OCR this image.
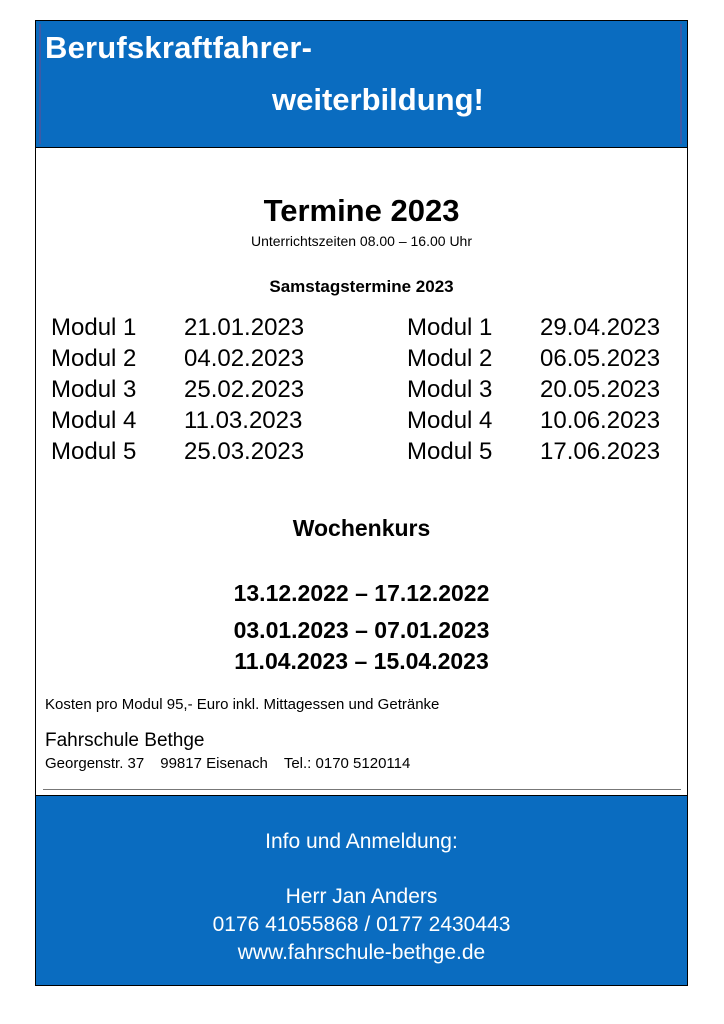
Berufskraftfahrer-
weiterbildung!
Termine 2023
Unterrichtszeiten 08.00 – 16.00 Uhr
Samstagstermine 2023
Modul 1 21.01.2023
Modul 2 04.02.2023
Modul 3 25.02.2023
Modul 4 11.03.2023
Modul 5 25.03.2023
Modul 1 29.04.2023
Modul 2 06.05.2023
Modul 3 20.05.2023
Modul 4 10.06.2023
Modul 5 17.06.2023
Wochenkurs
13.12.2022 – 17.12.2022
03.01.2023 – 07.01.2023
11.04.2023 – 15.04.2023
Kosten pro Modul 95,- Euro inkl. Mittagessen und Getränke
Fahrschule Bethge
Georgenstr. 37 99817 Eisenach Tel.: 0170 5120114
Info und Anmeldung:
Herr Jan Anders
0176 41055868 / 0177 2430443
www.fahrschule-bethge.de
